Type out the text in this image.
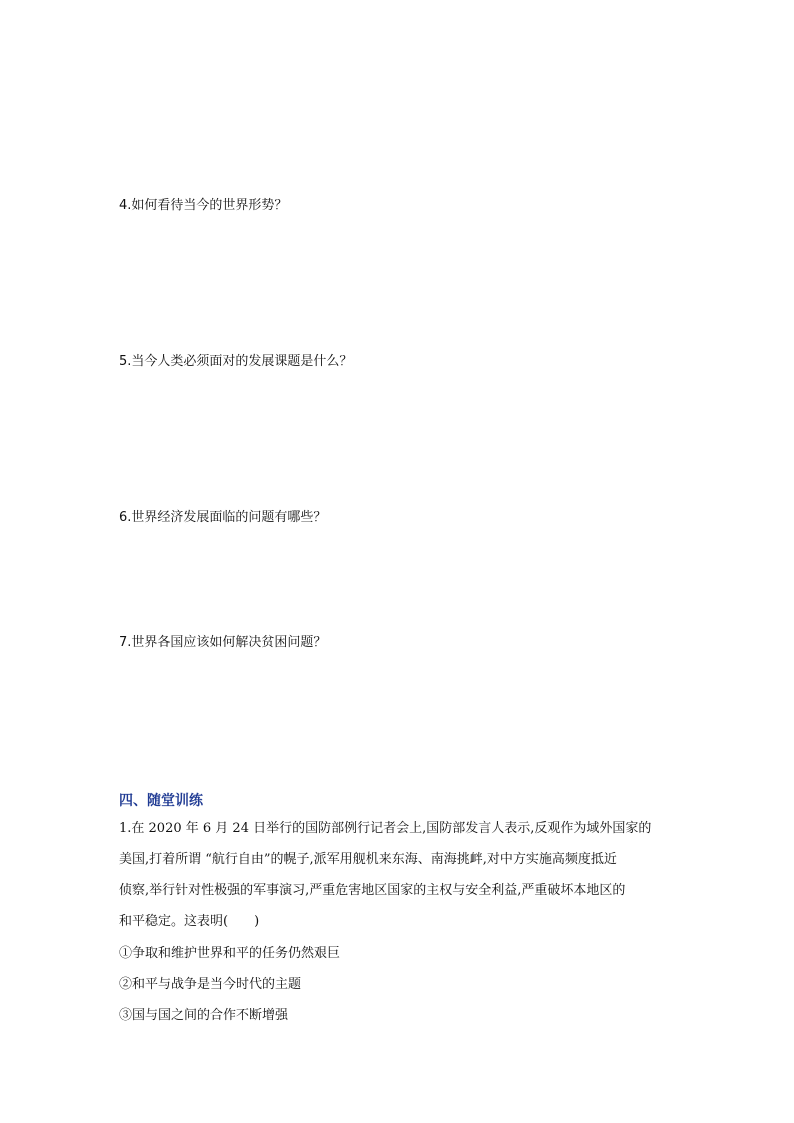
4.如何看待当今的世界形势？
5.当今人类必须面对的发展课题是什么？
6.世界经济发展面临的问题有哪些？
7.世界各国应该如何解决贫困问题？
四、随堂训练
1.在 2020 年 6 月 24 日举行的国防部例行记者会上,国防部发言人表示,反观作为域外国家的
美国,打着所谓 “航行自由”的幌子,派军用舰机来东海、南海挑衅,对中方实施高频度抵近
侦察,举行针对性极强的军事演习,严重危害地区国家的主权与安全利益,严重破坏本地区的
和平稳定。这表明(　　)
①争取和维护世界和平的任务仍然艰巨
②和平与战争是当今时代的主题
③国与国之间的合作不断增强
